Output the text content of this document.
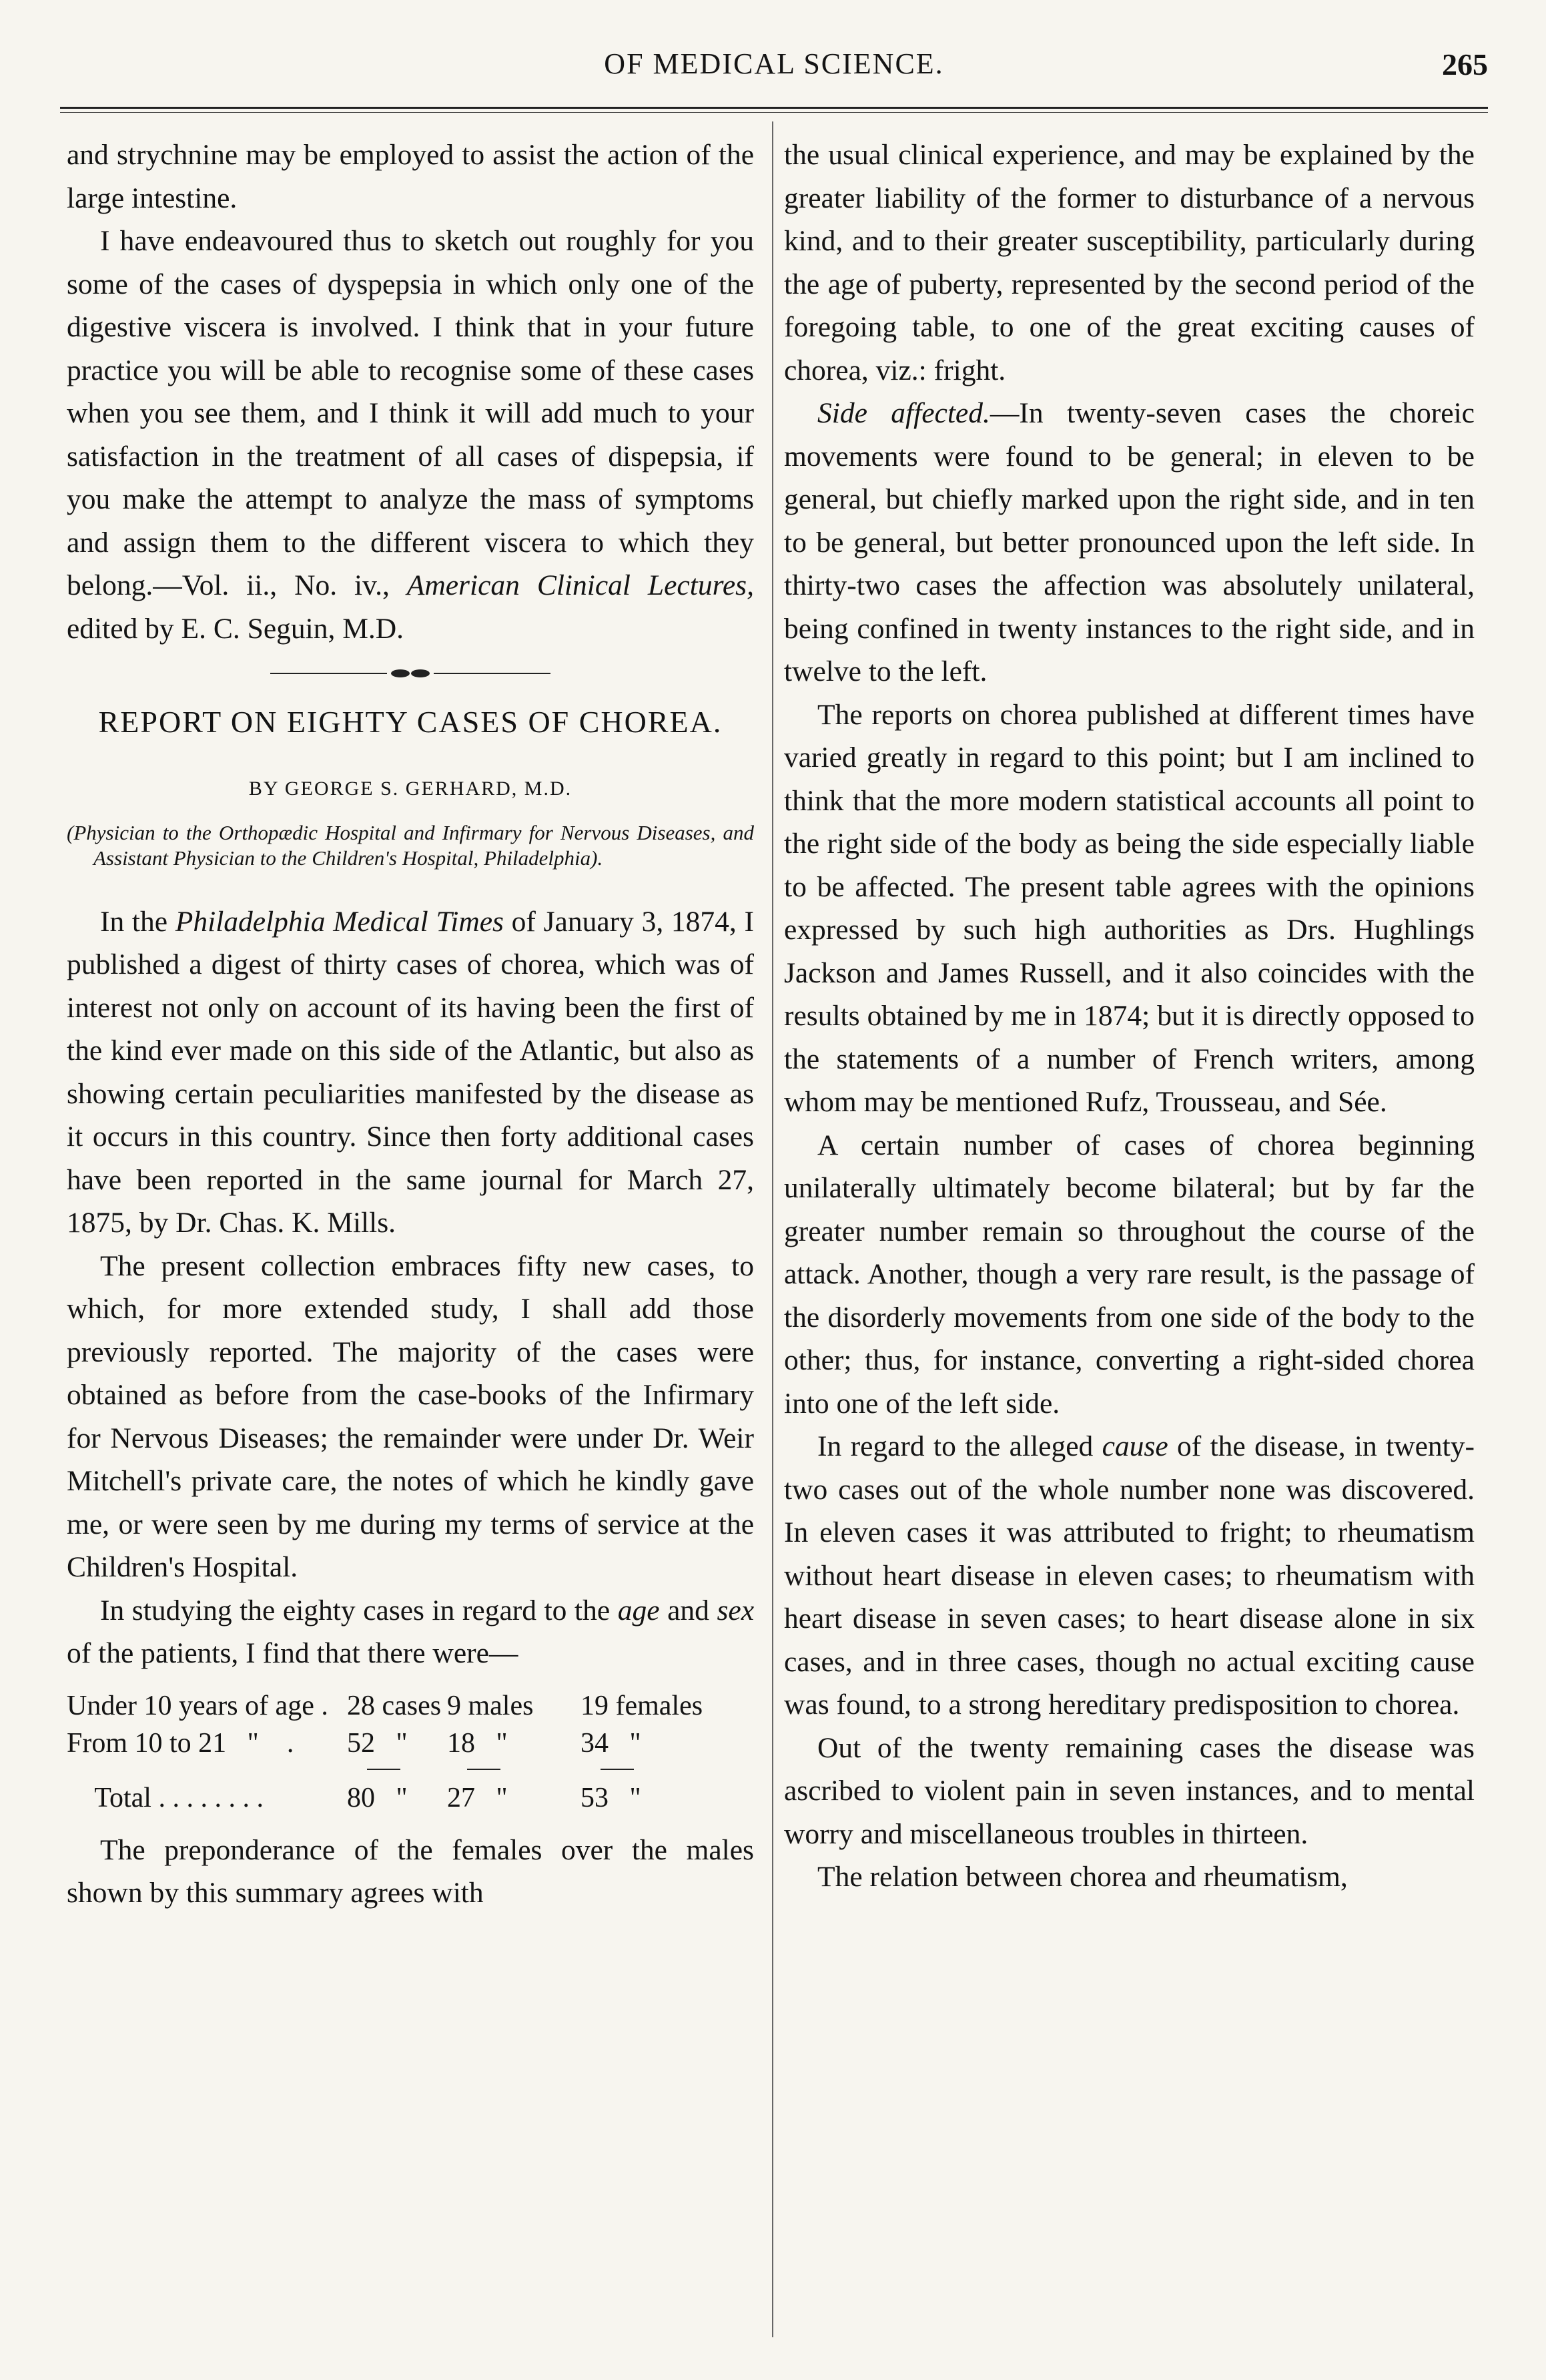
OF MEDICAL SCIENCE.	265

and strychnine may be employed to assist the action of the large intestine.

I have endeavoured thus to sketch out roughly for you some of the cases of dyspepsia in which only one of the digestive viscera is involved. I think that in your future practice you will be able to recognise some of these cases when you see them, and I think it will add much to your satisfaction in the treatment of all cases of dispepsia, if you make the attempt to analyze the mass of symptoms and assign them to the different viscera to which they belong.—Vol. ii., No. iv., American Clinical Lectures, edited by E. C. Seguin, M.D.

REPORT ON EIGHTY CASES OF CHOREA.
BY GEORGE S. GERHARD, M.D.
(Physician to the Orthopædic Hospital and Infirmary for Nervous Diseases, and Assistant Physician to the Children's Hospital, Philadelphia).

In the Philadelphia Medical Times of January 3, 1874, I published a digest of thirty cases of chorea, which was of interest not only on account of its having been the first of the kind ever made on this side of the Atlantic, but also as showing certain peculiarities manifested by the disease as it occurs in this country. Since then forty additional cases have been reported in the same journal for March 27, 1875, by Dr. Chas. K. Mills.

The present collection embraces fifty new cases, to which, for more extended study, I shall add those previously reported. The majority of the cases were obtained as before from the case-books of the Infirmary for Nervous Diseases; the remainder were under Dr. Weir Mitchell's private care, the notes of which he kindly gave me, or were seen by me during my terms of service at the Children's Hospital.

In studying the eighty cases in regard to the age and sex of the patients, I find that there were—

Under 10 years of age . 28 cases 9 males	19 females
From 10 to 21   "    .	52   "	18   "	34   "
Total . . . . . . . .	80   "	27   "	53   "

The preponderance of the females over the males shown by this summary agrees with

the usual clinical experience, and may be explained by the greater liability of the former to disturbance of a nervous kind, and to their greater susceptibility, particularly during the age of puberty, represented by the second period of the foregoing table, to one of the great exciting causes of chorea, viz.: fright.

Side affected.—In twenty-seven cases the choreic movements were found to be general; in eleven to be general, but chiefly marked upon the right side, and in ten to be general, but better pronounced upon the left side. In thirty-two cases the affection was absolutely unilateral, being confined in twenty instances to the right side, and in twelve to the left.

The reports on chorea published at different times have varied greatly in regard to this point; but I am inclined to think that the more modern statistical accounts all point to the right side of the body as being the side especially liable to be affected. The present table agrees with the opinions expressed by such high authorities as Drs. Hughlings Jackson and James Russell, and it also coincides with the results obtained by me in 1874; but it is directly opposed to the statements of a number of French writers, among whom may be mentioned Rufz, Trousseau, and Sée.

A certain number of cases of chorea beginning unilaterally ultimately become bilateral; but by far the greater number remain so throughout the course of the attack. Another, though a very rare result, is the passage of the disorderly movements from one side of the body to the other; thus, for instance, converting a right-sided chorea into one of the left side.

In regard to the alleged cause of the disease, in twenty-two cases out of the whole number none was discovered. In eleven cases it was attributed to fright; to rheumatism without heart disease in eleven cases; to rheumatism with heart disease in seven cases; to heart disease alone in six cases, and in three cases, though no actual exciting cause was found, to a strong hereditary predisposition to chorea.

Out of the twenty remaining cases the disease was ascribed to violent pain in seven instances, and to mental worry and miscellaneous troubles in thirteen.

The relation between chorea and rheumatism,
